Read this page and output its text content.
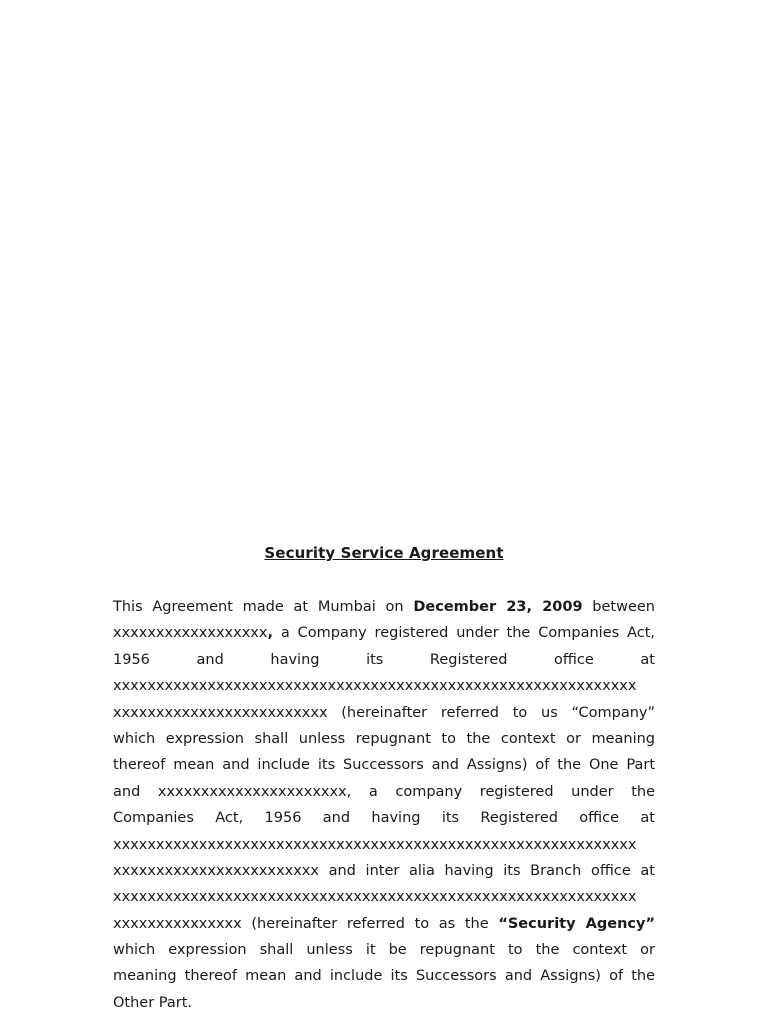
Security Service Agreement
This Agreement made at Mumbai on December 23, 2009 between
xxxxxxxxxxxxxxxxxx, a Company registered under the Companies Act,
1956 and having its Registered office at
xxxxxxxxxxxxxxxxxxxxxxxxxxxxxxxxxxxxxxxxxxxxxxxxxxxxxxxxxxxxx
xxxxxxxxxxxxxxxxxxxxxxxxx (hereinafter referred to us “Company”
which expression shall unless repugnant to the context or meaning
thereof mean and include its Successors and Assigns) of the One Part
and xxxxxxxxxxxxxxxxxxxxxx, a company registered under the
Companies Act, 1956 and having its Registered office at
xxxxxxxxxxxxxxxxxxxxxxxxxxxxxxxxxxxxxxxxxxxxxxxxxxxxxxxxxxxxx
xxxxxxxxxxxxxxxxxxxxxxxx and inter alia having its Branch office at
xxxxxxxxxxxxxxxxxxxxxxxxxxxxxxxxxxxxxxxxxxxxxxxxxxxxxxxxxxxxx
xxxxxxxxxxxxxxx (hereinafter referred to as the “Security Agency”
which expression shall unless it be repugnant to the context or
meaning thereof mean and include its Successors and Assigns) of the
Other Part.
